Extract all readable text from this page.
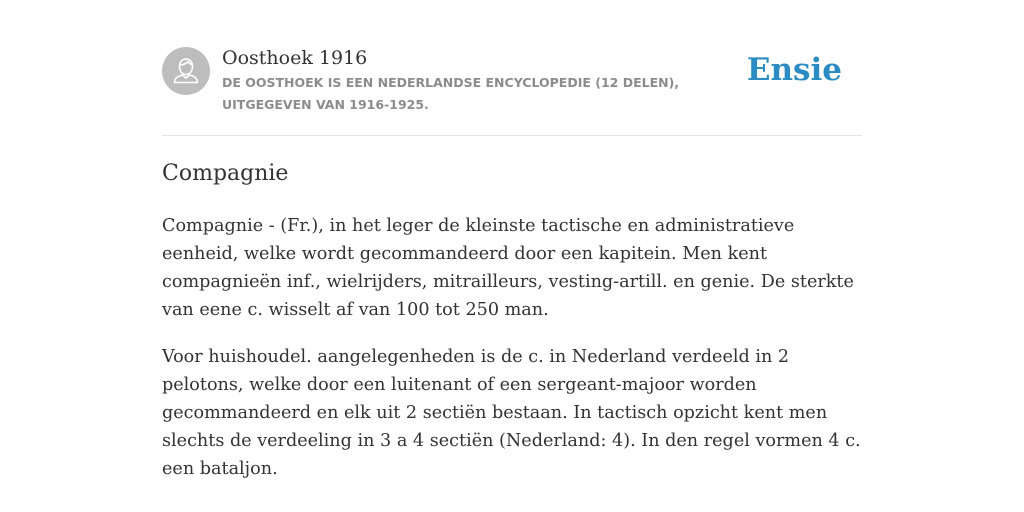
Oosthoek 1916
DE OOSTHOEK IS EEN NEDERLANDSE ENCYCLOPEDIE (12 DELEN), UITGEGEVEN VAN 1916-1925.
Ensie
Compagnie

Compagnie - (Fr.), in het leger de kleinste tactische en administratieve eenheid, welke wordt gecommandeerd door een kapitein. Men kent compagnieën inf., wielrijders, mitrailleurs, vesting-artill. en genie. De sterkte van eene c. wisselt af van 100 tot 250 man.

Voor huishoudel. aangelegenheden is de c. in Nederland verdeeld in 2 pelotons, welke door een luitenant of een sergeant-majoor worden gecommandeerd en elk uit 2 sectiën bestaan. In tactisch opzicht kent men slechts de verdeeling in 3 a 4 sectiën (Nederland: 4). In den regel vormen 4 c. een bataljon.
